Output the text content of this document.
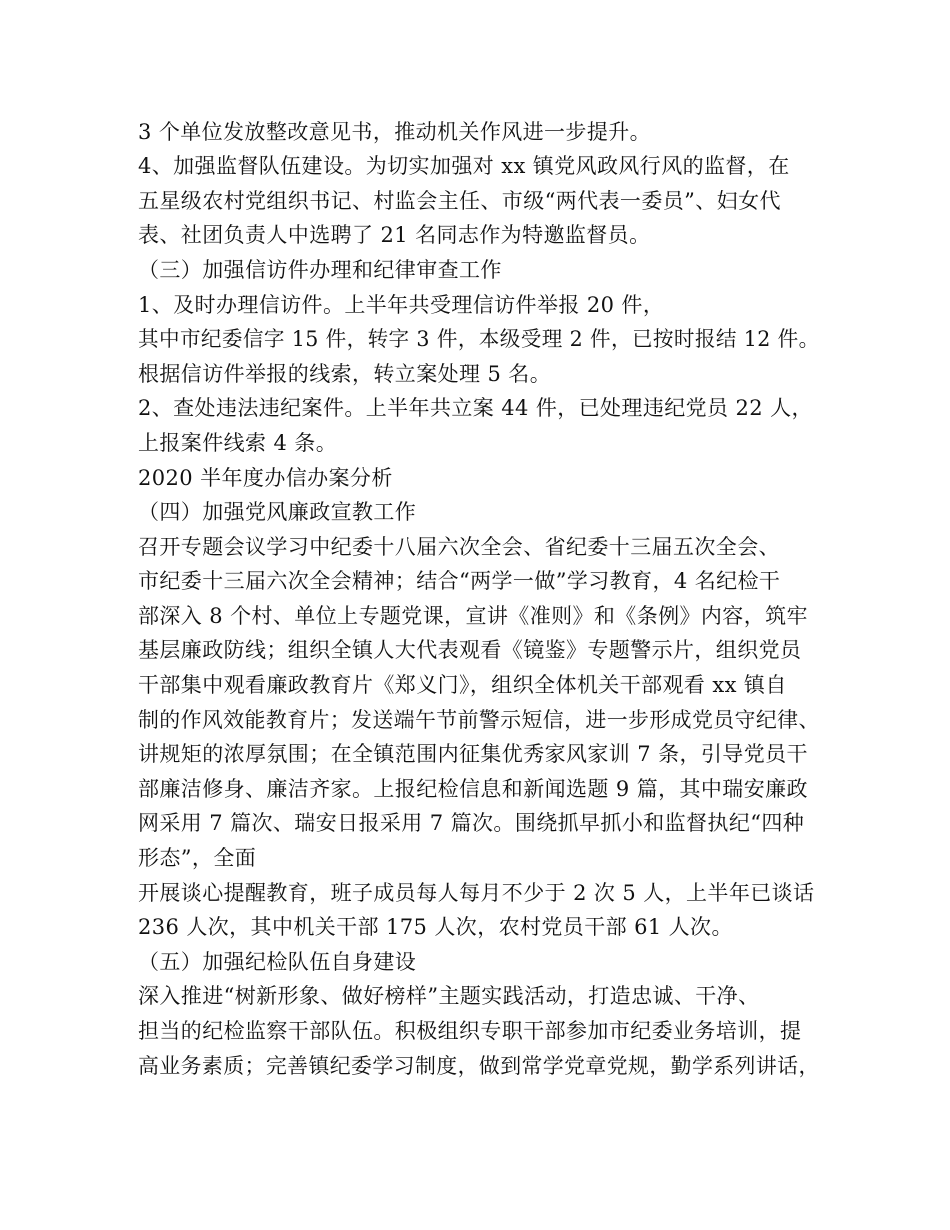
3 个单位发放整改意见书，推动机关作风进一步提升。
4、加强监督队伍建设。为切实加强对 xx 镇党风政风行风的监督，在
五星级农村党组织书记、村监会主任、市级“两代表一委员”、妇女代
表、社团负责人中选聘了 21 名同志作为特邀监督员。
（三）加强信访件办理和纪律审查工作
1、及时办理信访件。上半年共受理信访件举报 20 件，
其中市纪委信字 15 件，转字 3 件，本级受理 2 件，已按时报结 12 件。
根据信访件举报的线索，转立案处理 5 名。
2、查处违法违纪案件。上半年共立案 44 件，已处理违纪党员 22 人，
上报案件线索 4 条。
2020 半年度办信办案分析
（四）加强党风廉政宣教工作
召开专题会议学习中纪委十八届六次全会、省纪委十三届五次全会、
市纪委十三届六次全会精神；结合“两学一做”学习教育，4 名纪检干
部深入 8 个村、单位上专题党课，宣讲《准则》和《条例》内容，筑牢
基层廉政防线；组织全镇人大代表观看《镜鉴》专题警示片，组织党员
干部集中观看廉政教育片《郑义门》，组织全体机关干部观看 xx 镇自
制的作风效能教育片；发送端午节前警示短信，进一步形成党员守纪律、
讲规矩的浓厚氛围；在全镇范围内征集优秀家风家训 7 条，引导党员干
部廉洁修身、廉洁齐家。上报纪检信息和新闻选题 9 篇，其中瑞安廉政
网采用 7 篇次、瑞安日报采用 7 篇次。围绕抓早抓小和监督执纪“四种
形态”，全面
开展谈心提醒教育，班子成员每人每月不少于 2 次 5 人，上半年已谈话
236 人次，其中机关干部 175 人次，农村党员干部 61 人次。
（五）加强纪检队伍自身建设
深入推进“树新形象、做好榜样”主题实践活动，打造忠诚、干净、
担当的纪检监察干部队伍。积极组织专职干部参加市纪委业务培训，提
高业务素质；完善镇纪委学习制度，做到常学党章党规，勤学系列讲话，
